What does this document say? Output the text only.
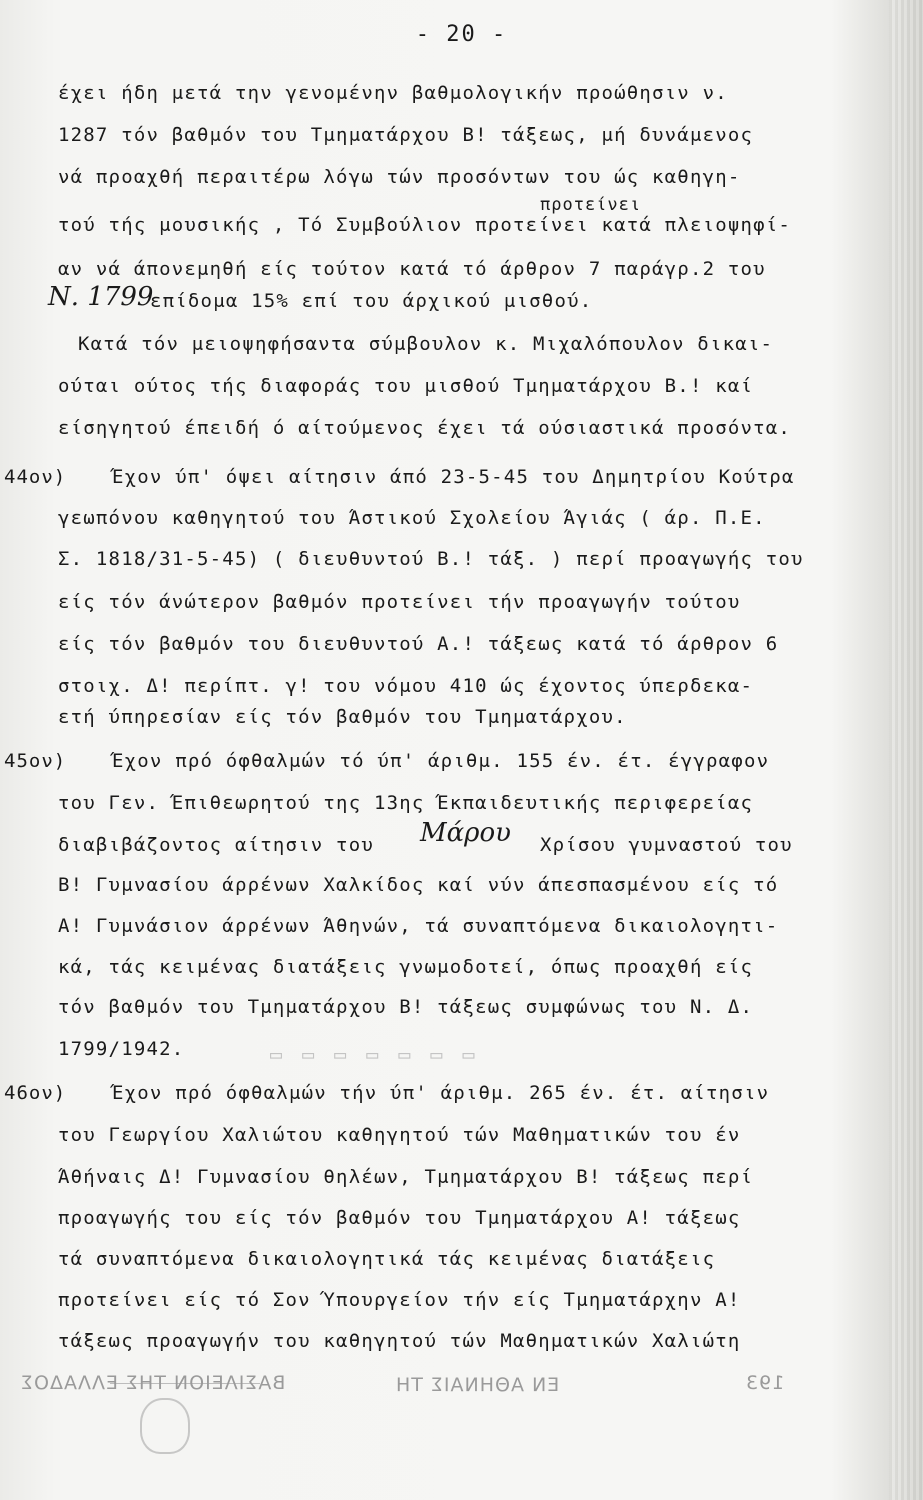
- 20 -
έχει ήδη μετά την γενομένην βαθμολογικήν προώθησιν ν.
1287 τόν βαθμόν του Τμηματάρχου Β! τάξεως, μή δυνάμενος
νά προαχθή περαιτέρω λόγω τών προσόντων του ώς καθηγη-
προτείνει
τού τής μουσικής , Τό Συμβούλιον προτείνει κατά πλειοψηφί-
αν νά άπονεμηθή είς τούτον κατά τό άρθρον 7 παράγρ.2 του
Ν. 1799
επίδομα 15% επί του άρχικού μισθού.
Κατά τόν μειοψηφήσαντα σύμβουλον κ. Μιχαλόπουλον δικαι-
ούται ούτος τής διαφοράς του μισθού Τμηματάρχου Β.! καί
είσηγητού έπειδή ό αίτούμενος έχει τά ούσιαστικά προσόντα.
44ον) Έχον ύπ' όψει αίτησιν άπό 23-5-45 του Δημητρίου Κούτρα
γεωπόνου καθηγητού του Άστικού Σχολείου Άγιάς ( άρ. Π.Ε.
Σ. 1818/31-5-45) ( διευθυντού Β.! τάξ. ) περί προαγωγής του
είς τόν άνώτερον βαθμόν προτείνει τήν προαγωγήν τούτου
είς τόν βαθμόν του διευθυντού Α.! τάξεως κατά τό άρθρον 6
στοιχ. Δ! περίπτ. γ! του νόμου 410 ώς έχοντος ύπερδεκα-
ετή ύπηρεσίαν είς τόν βαθμόν του Τμηματάρχου.
45ον) Έχον πρό όφθαλμών τό ύπ' άριθμ. 155 έν. έτ. έγγραφον
του Γεν. Έπιθεωρητού της 13ης Έκπαιδευτικής περιφερείας
διαβιβάζοντος αίτησιν του Μάρου Χρίσου γυμναστού του
Β! Γυμνασίου άρρένων Χαλκίδος καί νύν άπεσπασμένου είς τό
Α! Γυμνάσιον άρρένων Άθηνών, τά συναπτόμενα δικαιολογητι-
κά, τάς κειμένας διατάξεις γνωμοδοτεί, όπως προαχθή είς
τόν βαθμόν του Τμηματάρχου Β! τάξεως συμφώνως του Ν. Δ.
1799/1942.	▭ ▭ ▭ ▭ ▭ ▭ ▭
46ον) Έχον πρό όφθαλμών τήν ύπ' άριθμ. 265 έν. έτ. αίτησιν
του Γεωργίου Χαλιώτου καθηγητού τών Μαθηματικών του έν
Άθήναις Δ! Γυμνασίου θηλέων, Τμηματάρχου Β! τάξεως περί
προαγωγής του είς τόν βαθμόν του Τμηματάρχου Α! τάξεως
τά συναπτόμενα δικαιολογητικά τάς κειμένας διατάξεις
προτείνει είς τό Σον Ύπουργείον τήν είς Τμηματάρχην Α!
τάξεως προαγωγήν του καθηγητού τών Μαθηματικών Χαλιώτη
ΒΑΣΙΛΕΙΟΝ ΤΗΣ ΕΛΛΑΔΟΣ	ΕΝ ΑΘΗΝΑΙΣ ΤΗ	193
